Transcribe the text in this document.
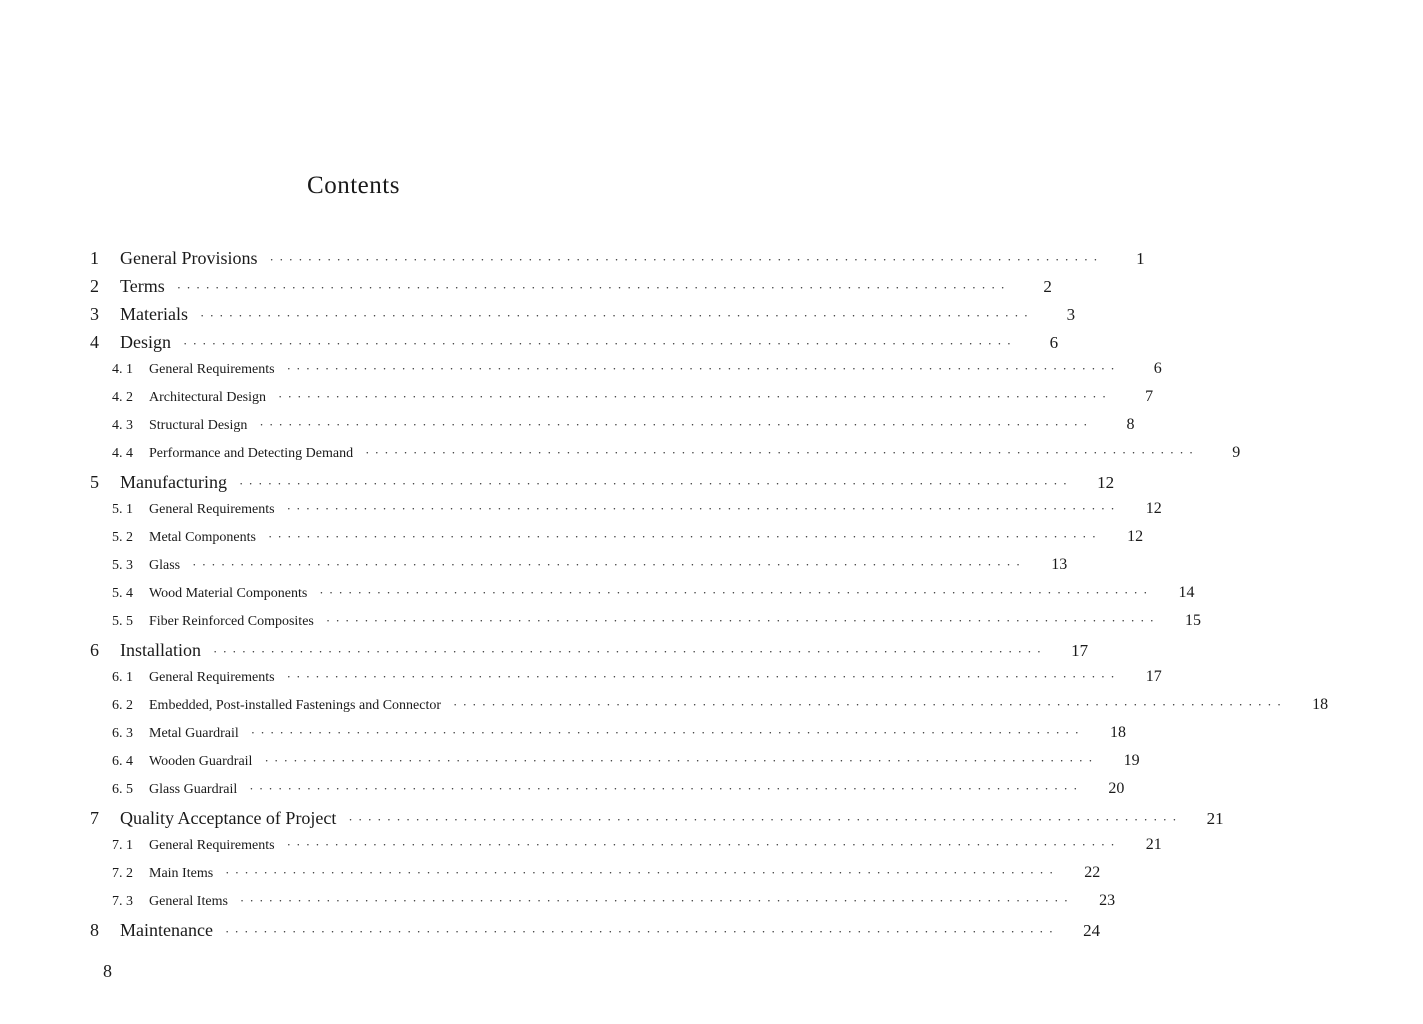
Contents
1	General Provisions · · · · · · · · · · · · · · · · · · · · · · · · · · · · · · · · · · · · · · · · · · · · · · · · · · · · · · · · · · · · · · · · · · · · · · · · · · · · · · · · · · · · · · ·	1
2	Terms · · · · · · · · · · · · · · · · · · · · · · · · · · · · · · · · · · · · · · · · · · · · · · · · · · · · · · · · · · · · · · · · · · · · · · · · · · · · · · · · · · · · · · ·	2
3	Materials · · · · · · · · · · · · · · · · · · · · · · · · · · · · · · · · · · · · · · · · · · · · · · · · · · · · · · · · · · · · · · · · · · · · · · · · · · · · · · · · · · · · · · ·	3
4	Design · · · · · · · · · · · · · · · · · · · · · · · · · · · · · · · · · · · · · · · · · · · · · · · · · · · · · · · · · · · · · · · · · · · · · · · · · · · · · · · · · · · · · · ·	6
4. 1	General Requirements · · · · · · · · · · · · · · · · · · · · · · · · · · · · · · · · · · · · · · · · · · · · · · · · · · · · · · · · · · · · · · · · · · · · · · · · · · · · · · · · · · · · · · ·	6
4. 2	Architectural Design · · · · · · · · · · · · · · · · · · · · · · · · · · · · · · · · · · · · · · · · · · · · · · · · · · · · · · · · · · · · · · · · · · · · · · · · · · · · · · · · · · · · · · ·	7
4. 3	Structural Design · · · · · · · · · · · · · · · · · · · · · · · · · · · · · · · · · · · · · · · · · · · · · · · · · · · · · · · · · · · · · · · · · · · · · · · · · · · · · · · · · · · · · · ·	8
4. 4	Performance and Detecting Demand · · · · · · · · · · · · · · · · · · · · · · · · · · · · · · · · · · · · · · · · · · · · · · · · · · · · · · · · · · · · · · · · · · · · · · · · · · · · · · · · · · · · · · ·	9
5	Manufacturing · · · · · · · · · · · · · · · · · · · · · · · · · · · · · · · · · · · · · · · · · · · · · · · · · · · · · · · · · · · · · · · · · · · · · · · · · · · · · · · · · · · · · · ·	12
5. 1	General Requirements · · · · · · · · · · · · · · · · · · · · · · · · · · · · · · · · · · · · · · · · · · · · · · · · · · · · · · · · · · · · · · · · · · · · · · · · · · · · · · · · · · · · · · ·	12
5. 2	Metal Components · · · · · · · · · · · · · · · · · · · · · · · · · · · · · · · · · · · · · · · · · · · · · · · · · · · · · · · · · · · · · · · · · · · · · · · · · · · · · · · · · · · · · · ·	12
5. 3	Glass · · · · · · · · · · · · · · · · · · · · · · · · · · · · · · · · · · · · · · · · · · · · · · · · · · · · · · · · · · · · · · · · · · · · · · · · · · · · · · · · · · · · · · ·	13
5. 4	Wood Material Components · · · · · · · · · · · · · · · · · · · · · · · · · · · · · · · · · · · · · · · · · · · · · · · · · · · · · · · · · · · · · · · · · · · · · · · · · · · · · · · · · · · · · · ·	14
5. 5	Fiber Reinforced Composites · · · · · · · · · · · · · · · · · · · · · · · · · · · · · · · · · · · · · · · · · · · · · · · · · · · · · · · · · · · · · · · · · · · · · · · · · · · · · · · · · · · · · · ·	15
6	Installation · · · · · · · · · · · · · · · · · · · · · · · · · · · · · · · · · · · · · · · · · · · · · · · · · · · · · · · · · · · · · · · · · · · · · · · · · · · · · · · · · · · · · · ·	17
6. 1	General Requirements · · · · · · · · · · · · · · · · · · · · · · · · · · · · · · · · · · · · · · · · · · · · · · · · · · · · · · · · · · · · · · · · · · · · · · · · · · · · · · · · · · · · · · ·	17
6. 2	Embedded, Post-installed Fastenings and Connector · · · · · · · · · · · · · · · · · · · · · · · · · · · · · · · · · · · · · · · · · · · · · · · · · · · · · · · · · · · · · · · · · · · · · · · · · · · · · · · · · · · · · · ·	18
6. 3	Metal Guardrail · · · · · · · · · · · · · · · · · · · · · · · · · · · · · · · · · · · · · · · · · · · · · · · · · · · · · · · · · · · · · · · · · · · · · · · · · · · · · · · · · · · · · · ·	18
6. 4	Wooden Guardrail · · · · · · · · · · · · · · · · · · · · · · · · · · · · · · · · · · · · · · · · · · · · · · · · · · · · · · · · · · · · · · · · · · · · · · · · · · · · · · · · · · · · · · ·	19
6. 5	Glass Guardrail · · · · · · · · · · · · · · · · · · · · · · · · · · · · · · · · · · · · · · · · · · · · · · · · · · · · · · · · · · · · · · · · · · · · · · · · · · · · · · · · · · · · · · ·	20
7	Quality Acceptance of Project · · · · · · · · · · · · · · · · · · · · · · · · · · · · · · · · · · · · · · · · · · · · · · · · · · · · · · · · · · · · · · · · · · · · · · · · · · · · · · · · · · · · · · ·	21
7. 1	General Requirements · · · · · · · · · · · · · · · · · · · · · · · · · · · · · · · · · · · · · · · · · · · · · · · · · · · · · · · · · · · · · · · · · · · · · · · · · · · · · · · · · · · · · · ·	21
7. 2	Main Items · · · · · · · · · · · · · · · · · · · · · · · · · · · · · · · · · · · · · · · · · · · · · · · · · · · · · · · · · · · · · · · · · · · · · · · · · · · · · · · · · · · · · · ·	22
7. 3	General Items · · · · · · · · · · · · · · · · · · · · · · · · · · · · · · · · · · · · · · · · · · · · · · · · · · · · · · · · · · · · · · · · · · · · · · · · · · · · · · · · · · · · · · ·	23
8	Maintenance · · · · · · · · · · · · · · · · · · · · · · · · · · · · · · · · · · · · · · · · · · · · · · · · · · · · · · · · · · · · · · · · · · · · · · · · · · · · · · · · · · · · · · ·	24

8
